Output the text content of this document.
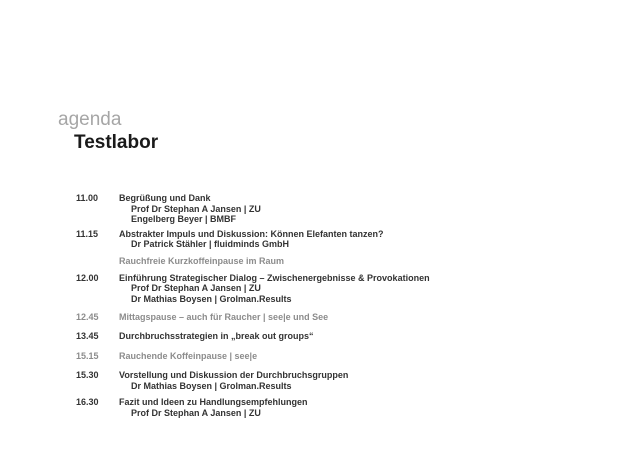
agenda
Testlabor
11.00	Begrüßung und Dank
Prof Dr Stephan A Jansen | ZU
Engelberg Beyer | BMBF
11.15	Abstrakter Impuls und Diskussion: Können Elefanten tanzen?
Dr Patrick Stähler | fluidminds GmbH
Rauchfreie Kurzkoffeinpause im Raum
12.00	Einführung Strategischer Dialog – Zwischenergebnisse & Provokationen
Prof Dr Stephan A Jansen | ZU
Dr Mathias Boysen | Grolman.Results
12.45	Mittagspause – auch für Raucher | see|e und See
13.45	Durchbruchsstrategien in „break out groups“
15.15	Rauchende Koffeinpause | see|e
15.30	Vorstellung und Diskussion der Durchbruchsgruppen
Dr Mathias Boysen | Grolman.Results
16.30	Fazit und Ideen zu Handlungsempfehlungen
Prof Dr Stephan A Jansen | ZU
